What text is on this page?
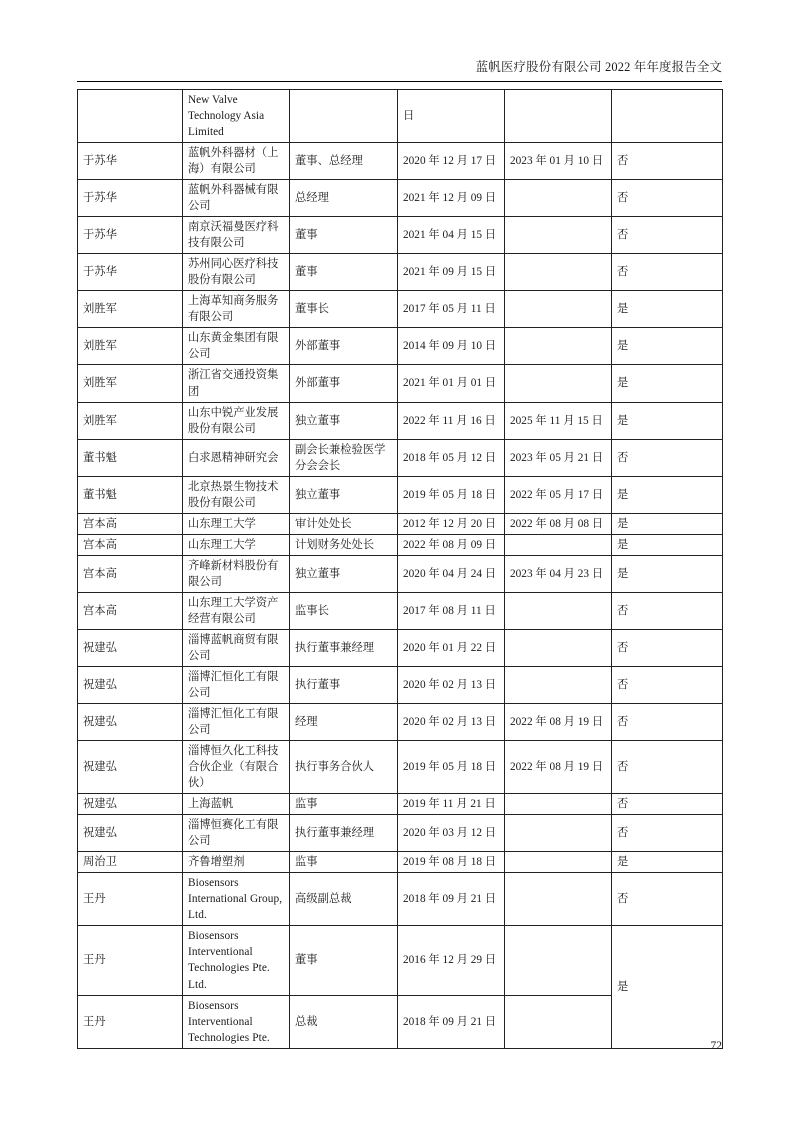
蓝帆医疗股份有限公司 2022 年年度报告全文
	New Valve Technology Asia Limited		日		
于苏华	蓝帆外科器材（上海）有限公司	董事、总经理	2020 年 12 月 17 日	2023 年 01 月 10 日	否
于苏华	蓝帆外科器械有限公司	总经理	2021 年 12 月 09 日		否
于苏华	南京沃福曼医疗科技有限公司	董事	2021 年 04 月 15 日		否
于苏华	苏州同心医疗科技股份有限公司	董事	2021 年 09 月 15 日		否
刘胜军	上海革知商务服务有限公司	董事长	2017 年 05 月 11 日		是
刘胜军	山东黄金集团有限公司	外部董事	2014 年 09 月 10 日		是
刘胜军	浙江省交通投资集团	外部董事	2021 年 01 月 01 日		是
刘胜军	山东中锐产业发展股份有限公司	独立董事	2022 年 11 月 16 日	2025 年 11 月 15 日	是
董书魁	白求恩精神研究会	副会长兼检验医学分会会长	2018 年 05 月 12 日	2023 年 05 月 21 日	否
董书魁	北京热景生物技术股份有限公司	独立董事	2019 年 05 月 18 日	2022 年 05 月 17 日	是
宫本高	山东理工大学	审计处处长	2012 年 12 月 20 日	2022 年 08 月 08 日	是
宫本高	山东理工大学	计划财务处处长	2022 年 08 月 09 日		是
宫本高	齐峰新材料股份有限公司	独立董事	2020 年 04 月 24 日	2023 年 04 月 23 日	是
宫本高	山东理工大学资产经营有限公司	监事长	2017 年 08 月 11 日		否
祝建弘	淄博蓝帆商贸有限公司	执行董事兼经理	2020 年 01 月 22 日		否
祝建弘	淄博汇恒化工有限公司	执行董事	2020 年 02 月 13 日		否
祝建弘	淄博汇恒化工有限公司	经理	2020 年 02 月 13 日	2022 年 08 月 19 日	否
祝建弘	淄博恒久化工科技合伙企业（有限合伙）	执行事务合伙人	2019 年 05 月 18 日	2022 年 08 月 19 日	否
祝建弘	上海蓝帆	监事	2019 年 11 月 21 日		否
祝建弘	淄博恒赛化工有限公司	执行董事兼经理	2020 年 03 月 12 日		否
周治卫	齐鲁增塑剂	监事	2019 年 08 月 18 日		是
王丹	Biosensors International Group, Ltd.	高级副总裁	2018 年 09 月 21 日		否
王丹	Biosensors Interventional Technologies Pte. Ltd.	董事	2016 年 12 月 29 日		是
王丹	Biosensors Interventional Technologies Pte.	总裁	2018 年 09 月 21 日		
72
